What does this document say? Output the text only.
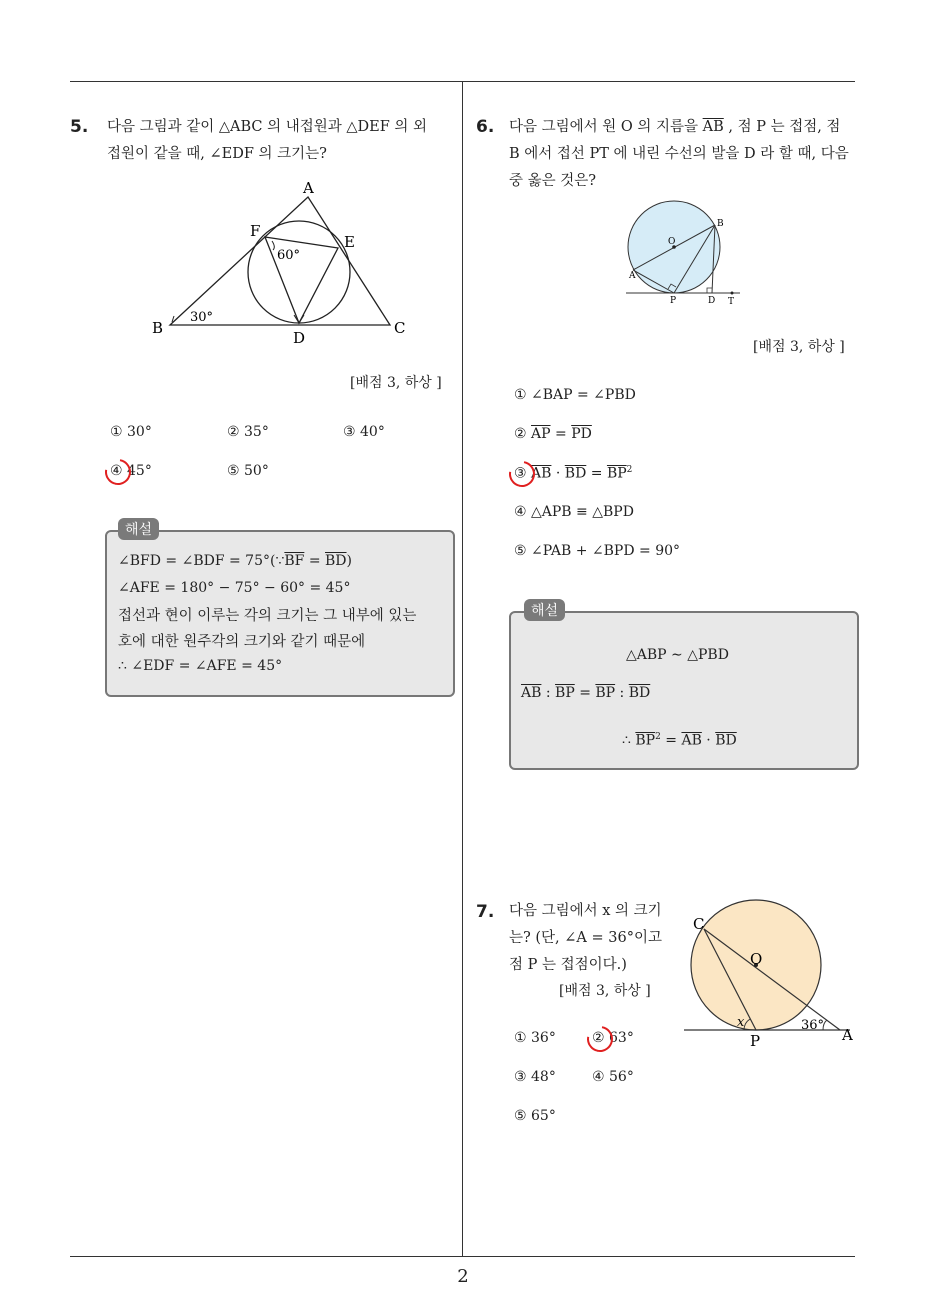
2
5. 다음 그림과 같이 △ABC 의 내접원과 △DEF 의 외
접원이 같을 때, ∠EDF 의 크기는?
A
B	C
D
E
F
30°
60°
[배점 3, 하상 ]
① 30°	② 35°	③ 40°
④ 45°	⑤ 50°
해설
∠BFD = ∠BDF = $75^\circ(\because\overline{BF} = \overline{BD})$
∠AFE = 180° − 75° − 60° = 45°
접선과 현이 이루는 각의 크기는 그 내부에 있는
호에 대한 원주각의 크기와 같기 때문에
∴ ∠EDF = ∠AFE = 45°
6. 다음 그림에서 원 O 의 지름을 $\overline{AB}$ , 점 P 는 접점, 점
B 에서 접선 PT 에 내린 수선의 발을 D 라 할 때, 다음
중 옳은 것은?
O
B
A
P	D T
[배점 3, 하상 ]
① ∠BAP = ∠PBD
② $\overline{AP} = \overline{PD}$
③ $\overline{AB} \cdot \overline{BD} = \overline{BP}^2$
④ △APB ≡ △BPD
⑤ ∠PAB + ∠BPD = 90°
해설
△ABP ∼ △PBD
$\overline{AB}$ : $\overline{BP} = \overline{BP}$ : $\overline{BD}$
∴ $\overline{BP}^2 = \overline{AB} \cdot \overline{BD}$
7. 다음 그림에서 x 의 크기
는? (단, ∠A = 36°이고
점 P 는 접점이다.)
[배점 3, 하상 ]
O
C
P	A
x	36°
① 36°	② 63°
③ 48°	④ 56°
⑤ 65°
